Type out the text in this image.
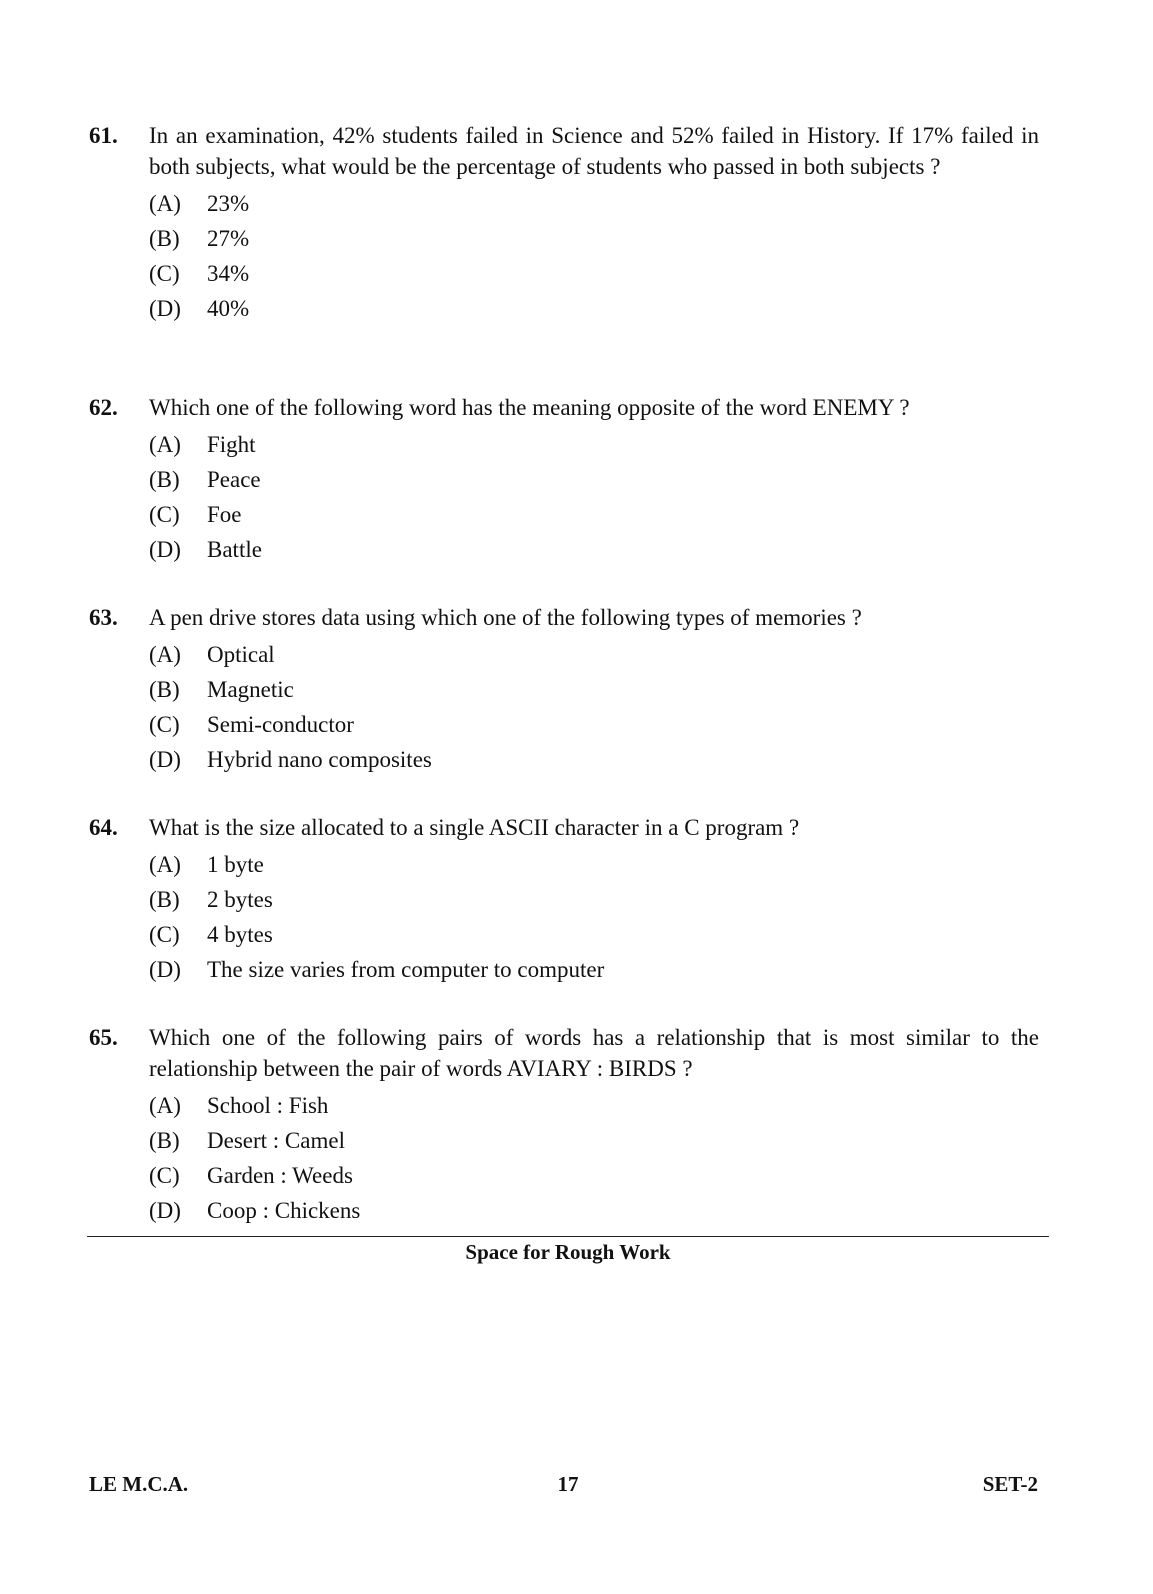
61.	In an examination, 42% students failed in Science and 52% failed in History. If 17% failed in both subjects, what would be the percentage of students who passed in both subjects ?
(A)	23%
(B)	27%
(C)	34%
(D)	40%
62.	Which one of the following word has the meaning opposite of the word ENEMY ?
(A)	Fight
(B)	Peace
(C)	Foe
(D)	Battle
63.	A pen drive stores data using which one of the following types of memories ?
(A)	Optical
(B)	Magnetic
(C)	Semi-conductor
(D)	Hybrid nano composites
64.	What is the size allocated to a single ASCII character in a C program ?
(A)	1 byte
(B)	2 bytes
(C)	4 bytes
(D)	The size varies from computer to computer
65.	Which one of the following pairs of words has a relationship that is most similar to the relationship between the pair of words AVIARY : BIRDS ?
(A)	School : Fish
(B)	Desert : Camel
(C)	Garden : Weeds
(D)	Coop : Chickens
Space for Rough Work
LE M.C.A.	17	SET-2
